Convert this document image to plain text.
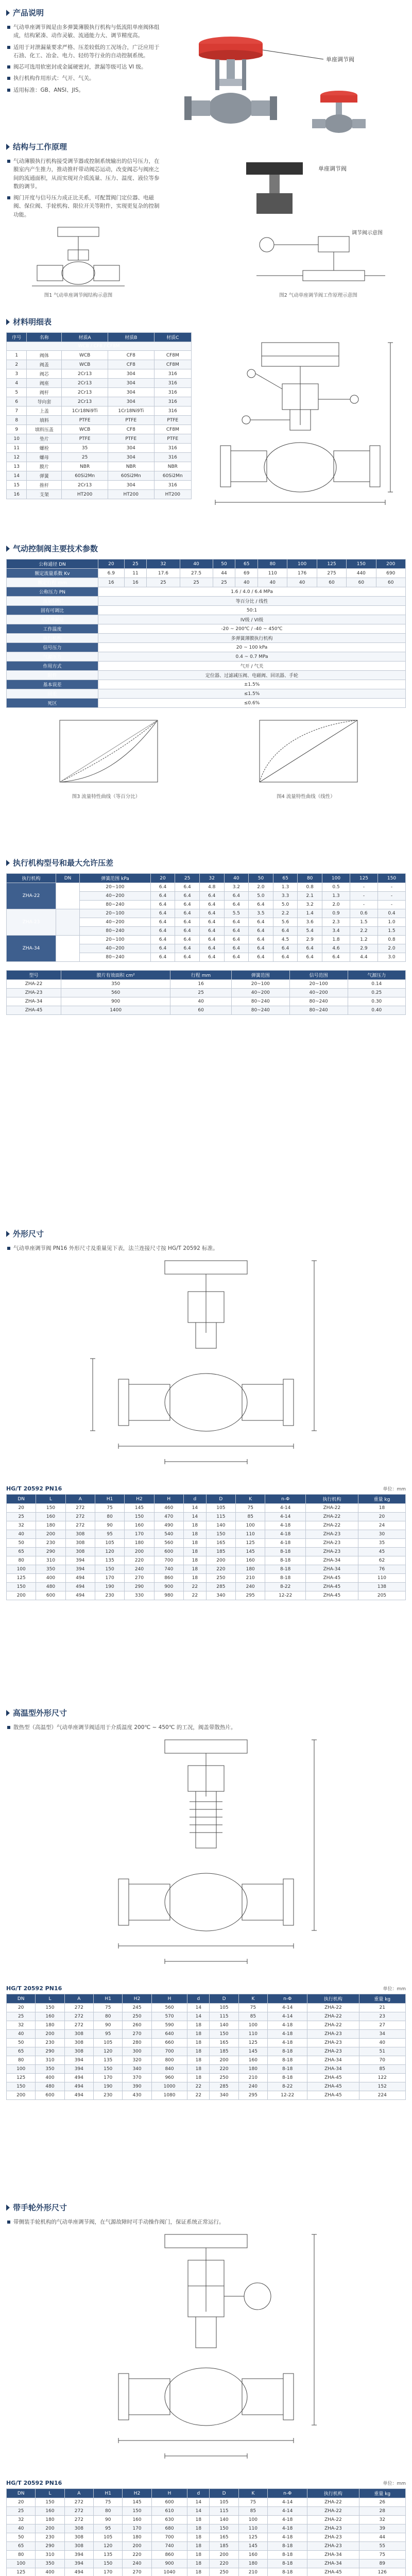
产品说明
气动单座调节阀是由多弹簧薄膜执行机构与低流阻单座阀体组成，结构紧凑、动作灵敏、流通能力大、调节精度高。
适用于对泄漏量要求严格、压差较低的工况场合，广泛应用于石油、化工、冶金、电力、轻纺等行业的自动控制系统。
阀芯可选用软密封或金属硬密封，泄漏等级可达 VI 级。
执行机构作用形式：气开、气关。
适用标准：GB、ANSI、JIS。
单座调节阀
结构与工作原理
气动薄膜执行机构接受调节器或控制系统输出的信号压力，在膜室内产生推力，推动推杆带动阀芯运动，改变阀芯与阀座之间的流通面积，从而实现对介质流量、压力、温度、液位等参数的调节。
阀门开度与信号压力成正比关系，可配置阀门定位器、电磁阀、保位阀、手轮机构、限位开关等附件，实现更复杂的控制功能。
单座调节阀
图1 气动单座调节阀结构示意图
调节阀示意图
图2 气动单座调节阀工作原理示意图
材料明细表
序号	名称	材质A	材质B	材质C
WCB / CF8 / CF8M				
1	阀体	WCB	CF8	CF8M
2	阀盖	WCB	CF8	CF8M
3	阀芯	2Cr13	304	316
4	阀座	2Cr13	304	316
5	阀杆	2Cr13	304	316
6	导向套	2Cr13	304	316
7	上盖	1Cr18Ni9Ti	1Cr18Ni9Ti	316
8	填料	PTFE	PTFE	PTFE
9	填料压盖	WCB	CF8	CF8M
10	垫片	PTFE	PTFE	PTFE
11	螺栓	35	304	316
12	螺母	25	304	316
13	膜片	NBR	NBR	NBR
14	弹簧	60Si2Mn	60Si2Mn	60Si2Mn
15	推杆	2Cr13	304	316
16	支架	HT200	HT200	HT200
气动控制阀主要技术参数
公称通径 DN	20	25	32	40	50	65	80	100	125	150	200
额定流量系数 Kv	6.9	11	17.6	27.5	44	69	110	176	275	440	690
额定行程 mm	16	16	25	25	25	40	40	40	60	60	60
公称压力 PN	1.6 / 4.0 / 6.4 MPa										
流量特性	等百分比 / 线性										
固有可调比	50:1										
允许泄漏量	IV级 / VI级										
工作温度	-20 ~ 200℃ / -40 ~ 450℃										
执行机构	多弹簧薄膜执行机构										
信号压力	20 ~ 100 kPa										
气源压力	0.4 ~ 0.7 MPa										
作用方式	气开 / 气关										
附件	定位器、过滤减压阀、电磁阀、回讯器、手轮										
基本误差	±1.5%										
回差	≤1.5%										
死区	≤0.6%										
图3 流量特性曲线（等百分比）	图4 流量特性曲线（线性）
执行机构型号和最大允许压差
执行机构	DN	弹簧范围 kPa	20	25	32	40	50	65	80	100	125	150
ZHA-22		20~100	6.4	6.4	4.8	3.2	2.0	1.3	0.8	0.5	-	-
		40~200	6.4	6.4	6.4	6.4	5.0	3.3	2.1	1.3	-	-
		80~240	6.4	6.4	6.4	6.4	6.4	5.0	3.2	2.0	-	-
ZHA-23		20~100	6.4	6.4	6.4	5.5	3.5	2.2	1.4	0.9	0.6	0.4
		40~200	6.4	6.4	6.4	6.4	6.4	5.6	3.6	2.3	1.5	1.0
		80~240	6.4	6.4	6.4	6.4	6.4	6.4	5.4	3.4	2.2	1.5
ZHA-34		20~100	6.4	6.4	6.4	6.4	6.4	4.5	2.9	1.8	1.2	0.8
		40~200	6.4	6.4	6.4	6.4	6.4	6.4	6.4	4.6	2.9	2.0
		80~240	6.4	6.4	6.4	6.4	6.4	6.4	6.4	6.4	4.4	3.0
型号	膜片有效面积 cm²	行程 mm	弹簧范围	信号范围	气源压力
ZHA-22	350	16	20~100	20~100	0.14
ZHA-23	560	25	40~200	40~200	0.25
ZHA-34	900	40	80~240	80~240	0.30
ZHA-45	1400	60	80~240	80~240	0.40
外形尺寸
气动单座调节阀 PN16 外形尺寸及重量见下表，法兰连接尺寸按 HG/T 20592 标准。
HG/T 20592 PN16	单位：mm
DN	L	A	H1	H2	H	d	D	K	n-Φ	执行机构	重量 kg
20	150	272	75	145	460	14	105	75	4-14	ZHA-22	18
25	160	272	80	150	470	14	115	85	4-14	ZHA-22	20
32	180	272	90	160	490	18	140	100	4-18	ZHA-22	24
40	200	308	95	170	540	18	150	110	4-18	ZHA-23	30
50	230	308	105	180	560	18	165	125	4-18	ZHA-23	35
65	290	308	120	200	600	18	185	145	8-18	ZHA-23	45
80	310	394	135	220	700	18	200	160	8-18	ZHA-34	62
100	350	394	150	240	740	18	220	180	8-18	ZHA-34	76
125	400	494	170	270	860	18	250	210	8-18	ZHA-45	110
150	480	494	190	290	900	22	285	240	8-22	ZHA-45	138
200	600	494	230	330	980	22	340	295	12-22	ZHA-45	205
高温型外形尺寸
散热型（高温型）气动单座调节阀适用于介质温度 200℃ ~ 450℃ 的工况，阀盖带散热片。
HG/T 20592 PN16	单位：mm
DN	L	A	H1	H2	H	d	D	K	n-Φ	执行机构	重量 kg
20	150	272	75	245	560	14	105	75	4-14	ZHA-22	21
25	160	272	80	250	570	14	115	85	4-14	ZHA-22	23
32	180	272	90	260	590	18	140	100	4-18	ZHA-22	27
40	200	308	95	270	640	18	150	110	4-18	ZHA-23	34
50	230	308	105	280	660	18	165	125	4-18	ZHA-23	40
65	290	308	120	300	700	18	185	145	8-18	ZHA-23	51
80	310	394	135	320	800	18	200	160	8-18	ZHA-34	70
100	350	394	150	340	840	18	220	180	8-18	ZHA-34	85
125	400	494	170	370	960	18	250	210	8-18	ZHA-45	122
150	480	494	190	390	1000	22	285	240	8-22	ZHA-45	152
200	600	494	230	430	1080	22	340	295	12-22	ZHA-45	224
带手轮外形尺寸
带侧装手轮机构的气动单座调节阀，在气源故障时可手动操作阀门，保证系统正常运行。
HG/T 20592 PN16	单位：mm
DN	L	A	H1	H2	H	d	D	K	n-Φ	执行机构	重量 kg
20	150	272	75	145	600	14	105	75	4-14	ZHA-22	26
25	160	272	80	150	610	14	115	85	4-14	ZHA-22	28
32	180	272	90	160	630	18	140	100	4-18	ZHA-22	32
40	200	308	95	170	680	18	150	110	4-18	ZHA-23	39
50	230	308	105	180	700	18	165	125	4-18	ZHA-23	44
65	290	308	120	200	740	18	185	145	8-18	ZHA-23	55
80	310	394	135	220	860	18	200	160	8-18	ZHA-34	75
100	350	394	150	240	900	18	220	180	8-18	ZHA-34	89
125	400	494	170	270	1040	18	250	210	8-18	ZHA-45	126
